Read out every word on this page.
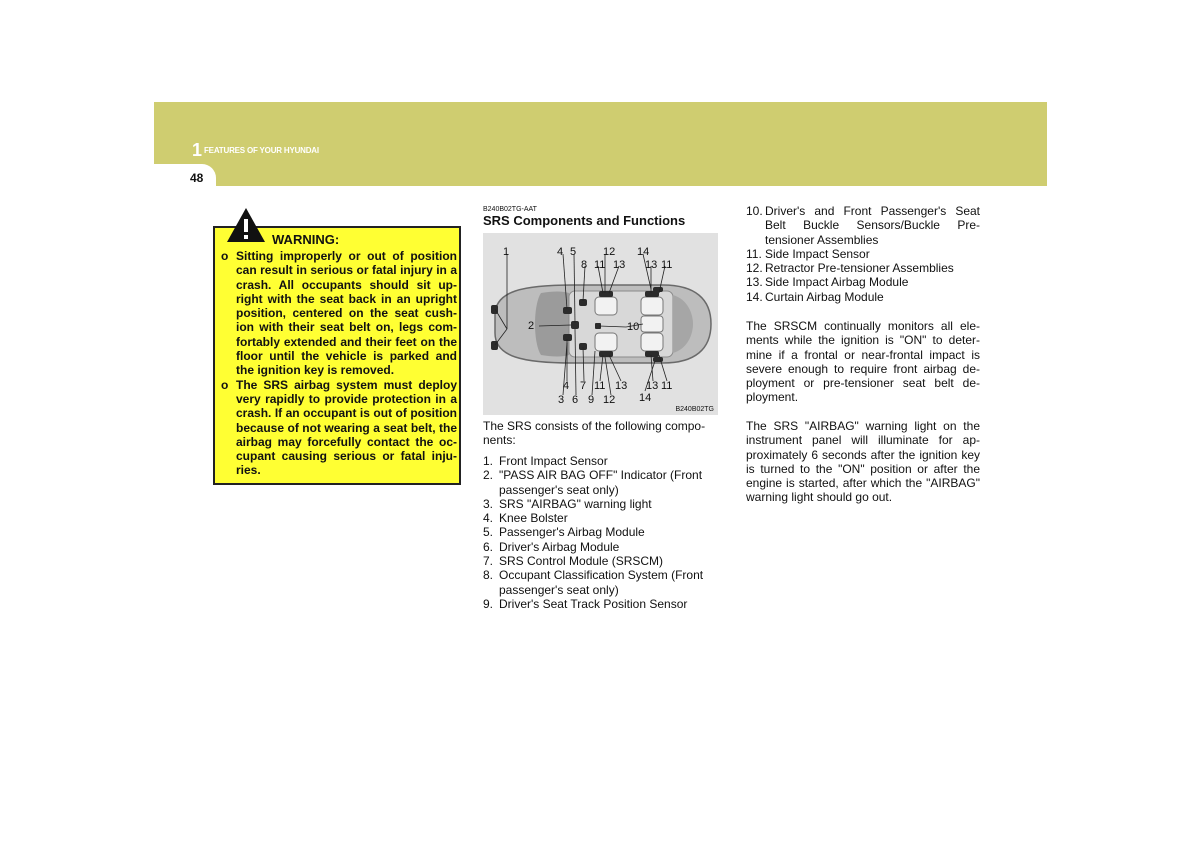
1 FEATURES OF YOUR HYUNDAI
48
WARNING:
o Sitting improperly or out of position can result in serious or fatal injury in a crash. All occupants should sit up-right with the seat back in an upright position, centered on the seat cush-ion with their seat belt on, legs com-fortably extended and their feet on the floor until the vehicle is parked and the ignition key is removed.
o The SRS airbag system must deploy very rapidly to provide protection in a crash. If an occupant is out of position because of not wearing a seat belt, the airbag may forcefully contact the oc-cupant causing serious or fatal inju-ries.
B240B02TG-AAT
SRS Components and Functions
1	4 5 12 14
8 11 13 13 11
2	10
4 7 11 13 13 11
3 6 9 12 14
B240B02TG

The SRS consists of the following compo-nents:

1. Front Impact Sensor
2. "PASS AIR BAG OFF" Indicator (Front passenger's seat only)
3. SRS "AIRBAG" warning light
4. Knee Bolster
5. Passenger's Airbag Module
6. Driver's Airbag Module
7. SRS Control Module (SRSCM)
8. Occupant Classification System (Front passenger's seat only)
9. Driver's Seat Track Position Sensor
10. Driver's and Front Passenger's Seat Belt Buckle Sensors/Buckle Pre-tensioner Assemblies
11. Side Impact Sensor
12. Retractor Pre-tensioner Assemblies
13. Side Impact Airbag Module
14. Curtain Airbag Module

The SRSCM continually monitors all ele-ments while the ignition is "ON" to deter-mine if a frontal or near-frontal impact is severe enough to require front airbag de-ployment or pre-tensioner seat belt de-ployment.

The SRS "AIRBAG" warning light on the instrument panel will illuminate for ap-proximately 6 seconds after the ignition key is turned to the "ON" position or after the engine is started, after which the "AIRBAG" warning light should go out.
